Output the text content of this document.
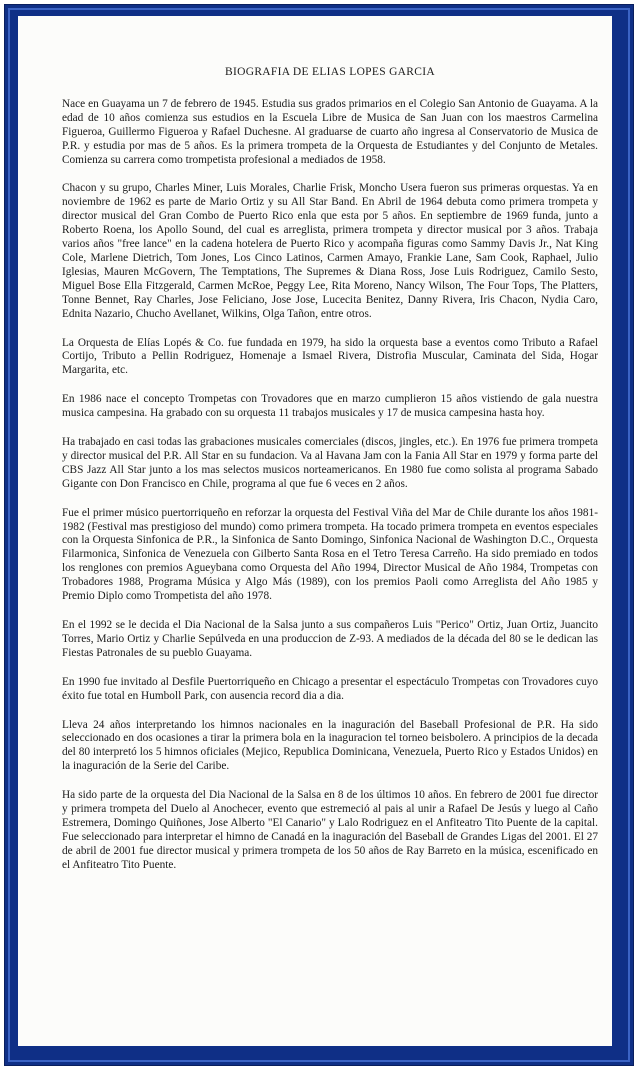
BIOGRAFIA DE ELIAS LOPES GARCIA

Nace en Guayama un 7 de febrero de 1945. Estudia sus grados primarios en el Colegio San Antonio de Guayama. A la edad de 10 años comienza sus estudios en la Escuela Libre de Musica de San Juan con los maestros Carmelina Figueroa, Guillermo Figueroa y Rafael Duchesne. Al graduarse de cuarto año ingresa al Conservatorio de Musica de P.R. y estudia por mas de 5 años. Es la primera trompeta de la Orquesta de Estudiantes y del Conjunto de Metales. Comienza su carrera como trompetista profesional a mediados de 1958.

Chacon y su grupo, Charles Miner, Luis Morales, Charlie Frisk, Moncho Usera fueron sus primeras orquestas. Ya en noviembre de 1962 es parte de Mario Ortiz y su All Star Band. En Abril de 1964 debuta como primera trompeta y director musical del Gran Combo de Puerto Rico enla que esta por 5 años. En septiembre de 1969 funda, junto a Roberto Roena, los Apollo Sound, del cual es arreglista, primera trompeta y director musical por 3 años. Trabaja varios años "free lance" en la cadena hotelera de Puerto Rico y acompaña figuras como Sammy Davis Jr., Nat King Cole, Marlene Dietrich, Tom Jones, Los Cinco Latinos, Carmen Amayo, Frankie Lane, Sam Cook, Raphael, Julio Iglesias, Mauren McGovern, The Temptations, The Supremes & Diana Ross, Jose Luis Rodriguez, Camilo Sesto, Miguel Bose Ella Fitzgerald, Carmen McRoe, Peggy Lee, Rita Moreno, Nancy Wilson, The Four Tops, The Platters, Tonne Bennet, Ray Charles, Jose Feliciano, Jose Jose, Lucecita Benitez, Danny Rivera, Iris Chacon, Nydia Caro, Ednita Nazario, Chucho Avellanet, Wilkins, Olga Tañon, entre otros.

La Orquesta de Elías Lopés & Co. fue fundada en 1979, ha sido la orquesta base a eventos como Tributo a Rafael Cortijo, Tributo a Pellin Rodriguez, Homenaje a Ismael Rivera, Distrofia Muscular, Caminata del Sida, Hogar Margarita, etc.

En 1986 nace el concepto Trompetas con Trovadores que en marzo cumplieron 15 años vistiendo de gala nuestra musica campesina. Ha grabado con su orquesta 11 trabajos musicales y 17 de musica campesina hasta hoy.

Ha trabajado en casi todas las grabaciones musicales comerciales (discos, jingles, etc.). En 1976 fue primera trompeta y director musical del P.R. All Star en su fundacion. Va al Havana Jam con la Fania All Star en 1979 y forma parte del CBS Jazz All Star junto a los mas selectos musicos norteamericanos. En 1980 fue como solista al programa Sabado Gigante con Don Francisco en Chile, programa al que fue 6 veces en 2 años.

Fue el primer músico puertorriqueño en reforzar la orquesta del Festival Viña del Mar de Chile durante los años 1981-1982 (Festival mas prestigioso del mundo) como primera trompeta. Ha tocado primera trompeta en eventos especiales con la Orquesta Sinfonica de P.R., la Sinfonica de Santo Domingo, Sinfonica Nacional de Washington D.C., Orquesta Filarmonica, Sinfonica de Venezuela con Gilberto Santa Rosa en el Tetro Teresa Carreño. Ha sido premiado en todos los renglones con premios Agueybana como Orquesta del Año 1994, Director Musical de Año 1984, Trompetas con Trobadores 1988, Programa Música y Algo Más (1989), con los premios Paoli como Arreglista del Año 1985 y Premio Diplo como Trompetista del año 1978.

En el 1992 se le decida el Dia Nacional de la Salsa junto a sus compañeros Luis "Perico" Ortiz, Juan Ortiz, Juancito Torres, Mario Ortiz y Charlie Sepúlveda en una produccion de Z-93. A mediados de la década del 80 se le dedican las Fiestas Patronales de su pueblo Guayama.

En 1990 fue invitado al Desfile Puertorriqueño en Chicago a presentar el espectáculo Trompetas con Trovadores cuyo éxito fue total en Humboll Park, con ausencia record dia a dia.

Lleva 24 años interpretando los himnos nacionales en la inaguración del Baseball Profesional de P.R. Ha sido seleccionado en dos ocasiones a tirar la primera bola en la inaguracion tel torneo beisbolero. A principios de la decada del 80 interpretó los 5 himnos oficiales (Mejico, Republica Dominicana, Venezuela, Puerto Rico y Estados Unidos) en la inaguración de la Serie del Caribe.

Ha sido parte de la orquesta del Dia Nacional de la Salsa en 8 de los últimos 10 años. En febrero de 2001 fue director y primera trompeta del Duelo al Anochecer, evento que estremeció al pais al unir a Rafael De Jesús y luego al Caño Estremera, Domingo Quiñones, Jose Alberto "El Canario" y Lalo Rodriguez en el Anfiteatro Tito Puente de la capital. Fue seleccionado para interpretar el himno de Canadá en la inaguración del Baseball de Grandes Ligas del 2001. El 27 de abril de 2001 fue director musical y primera trompeta de los 50 años de Ray Barreto en la música, escenificado en el Anfiteatro Tito Puente.
